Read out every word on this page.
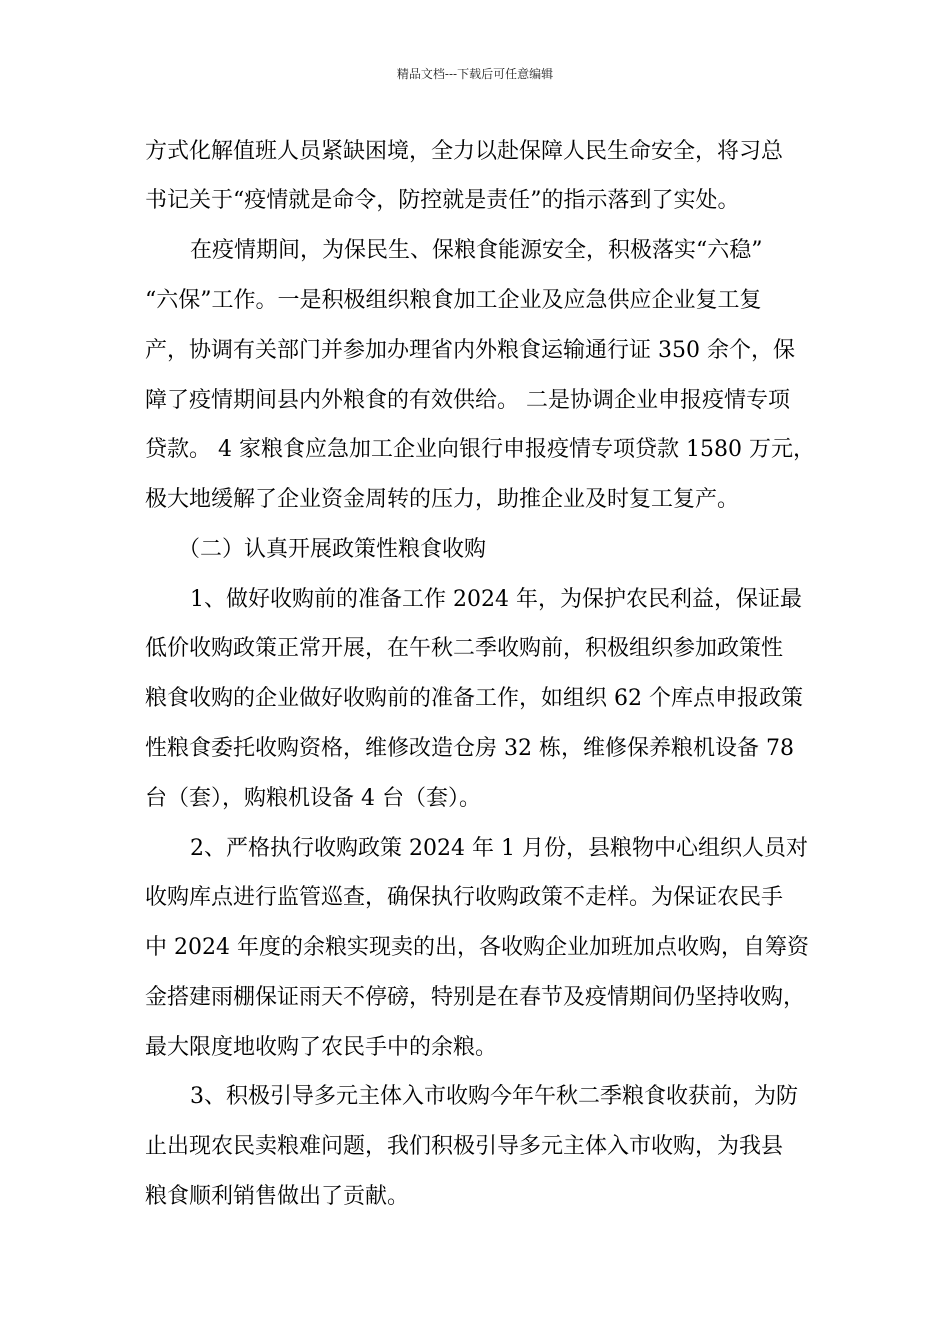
精品文档---下载后可任意编辑
方式化解值班人员紧缺困境，全力以赴保障人民生命安全，将习总
书记关于“疫情就是命令，防控就是责任”的指示落到了实处。
在疫情期间，为保民生、保粮食能源安全，积极落实“六稳”
“六保”工作。一是积极组织粮食加工企业及应急供应企业复工复
产，协调有关部门并参加办理省内外粮食运输通行证 350 余个，保
障了疫情期间县内外粮食的有效供给。 二是协调企业申报疫情专项
贷款。 4 家粮食应急加工企业向银行申报疫情专项贷款 1580 万元，
极大地缓解了企业资金周转的压力，助推企业及时复工复产。
（二）认真开展政策性粮食收购
1、做好收购前的准备工作 2024 年，为保护农民利益，保证最
低价收购政策正常开展，在午秋二季收购前，积极组织参加政策性
粮食收购的企业做好收购前的准备工作，如组织 62 个库点申报政策
性粮食委托收购资格，维修改造仓房 32 栋，维修保养粮机设备 78
台（套），购粮机设备 4 台（套）。
2、严格执行收购政策 2024 年 1 月份，县粮物中心组织人员对
收购库点进行监管巡查，确保执行收购政策不走样。为保证农民手
中 2024 年度的余粮实现卖的出，各收购企业加班加点收购，自筹资
金搭建雨棚保证雨天不停磅，特别是在春节及疫情期间仍坚持收购，
最大限度地收购了农民手中的余粮。
3、积极引导多元主体入市收购今年午秋二季粮食收获前，为防
止出现农民卖粮难问题，我们积极引导多元主体入市收购，为我县
粮食顺利销售做出了贡献。
